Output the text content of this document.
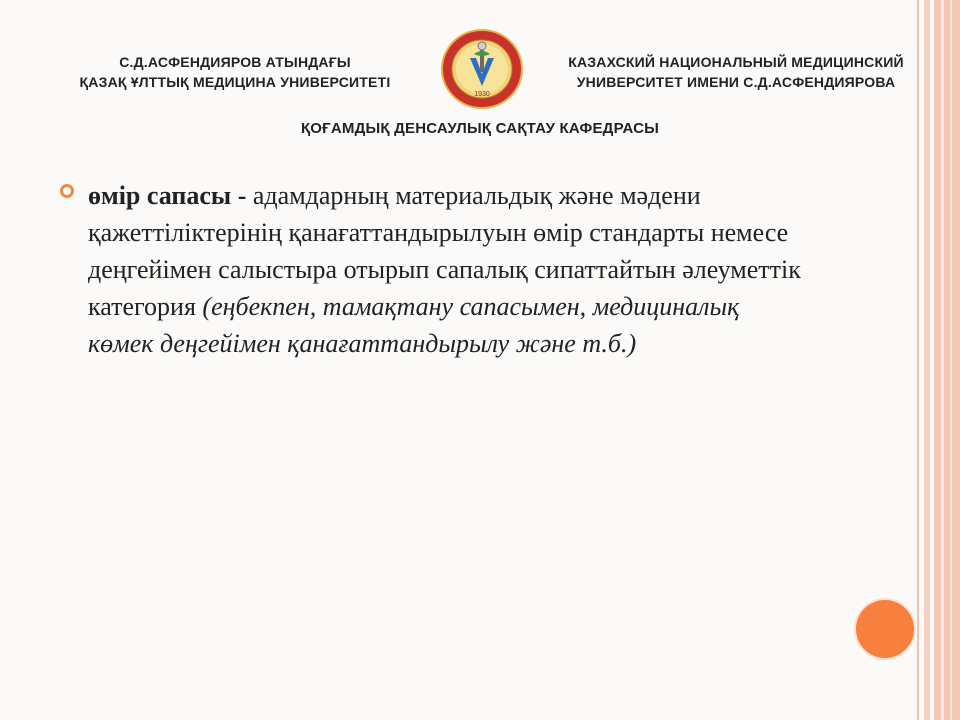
С.Д.АСФЕНДИЯРОВ АТЫНДАҒЫ
ҚАЗАҚ ҰЛТТЫҚ МЕДИЦИНА УНИВЕРСИТЕТІ
1930
КАЗАХСКИЙ НАЦИОНАЛЬНЫЙ МЕДИЦИНСКИЙ
УНИВЕРСИТЕТ ИМЕНИ С.Д.АСФЕНДИЯРОВА
ҚОҒАМДЫҚ ДЕНСАУЛЫҚ САҚТАУ КАФЕДРАСЫ
өмір сапасы - адамдарның материальдық және мәдени қажеттіліктерінің қанағаттандырылуын өмір стандарты немесе деңгейімен салыстыра отырып сапалық сипаттайтын әлеуметтік категория (еңбекпен, тамақтану сапасымен, медициналық көмек деңгейімен қанағаттандырылу және т.б.)
